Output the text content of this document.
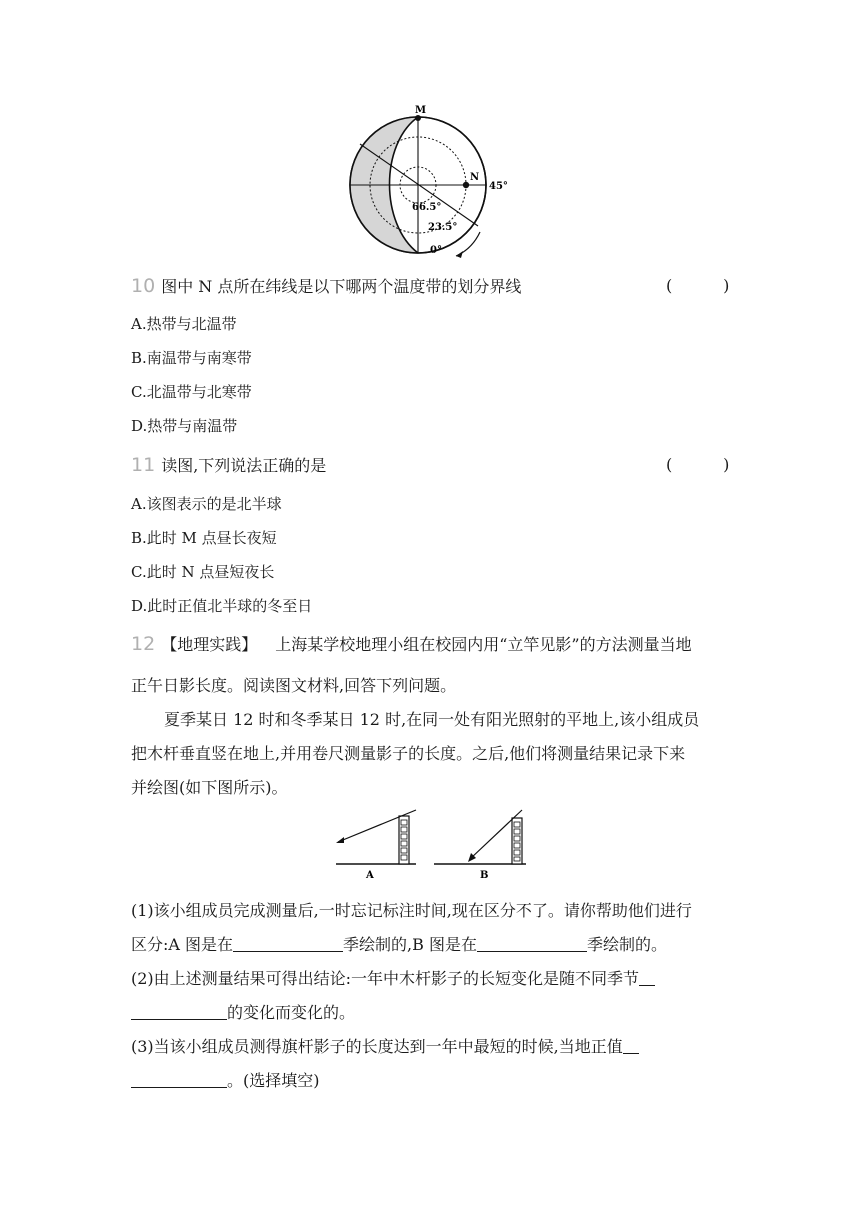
M
N
45°
66.5°
23.5°
0°
10 图中 N 点所在纬线是以下哪两个温度带的划分界线	(          )
A.热带与北温带
B.南温带与南寒带
C.北温带与北寒带
D.热带与南温带
11 读图,下列说法正确的是	(          )
A.该图表示的是北半球
B.此时 M 点昼长夜短
C.此时 N 点昼短夜长
D.此时正值北半球的冬至日
12 【地理实践】 上海某学校地理小组在校园内用“立竿见影”的方法测量当地
正午日影长度。阅读图文材料,回答下列问题。
夏季某日 12 时和冬季某日 12 时,在同一处有阳光照射的平地上,该小组成员
把木杆垂直竖在地上,并用卷尺测量影子的长度。之后,他们将测量结果记录下来
并绘图(如下图所示)。
A	B
(1)该小组成员完成测量后,一时忘记标注时间,现在区分不了。请你帮助他们进行
区分:A 图是在	季绘制的,B 图是在	季绘制的。
(2)由上述测量结果可得出结论:一年中木杆影子的长短变化是随不同季节
的变化而变化的。
(3)当该小组成员测得旗杆影子的长度达到一年中最短的时候,当地正值
。(选择填空)
